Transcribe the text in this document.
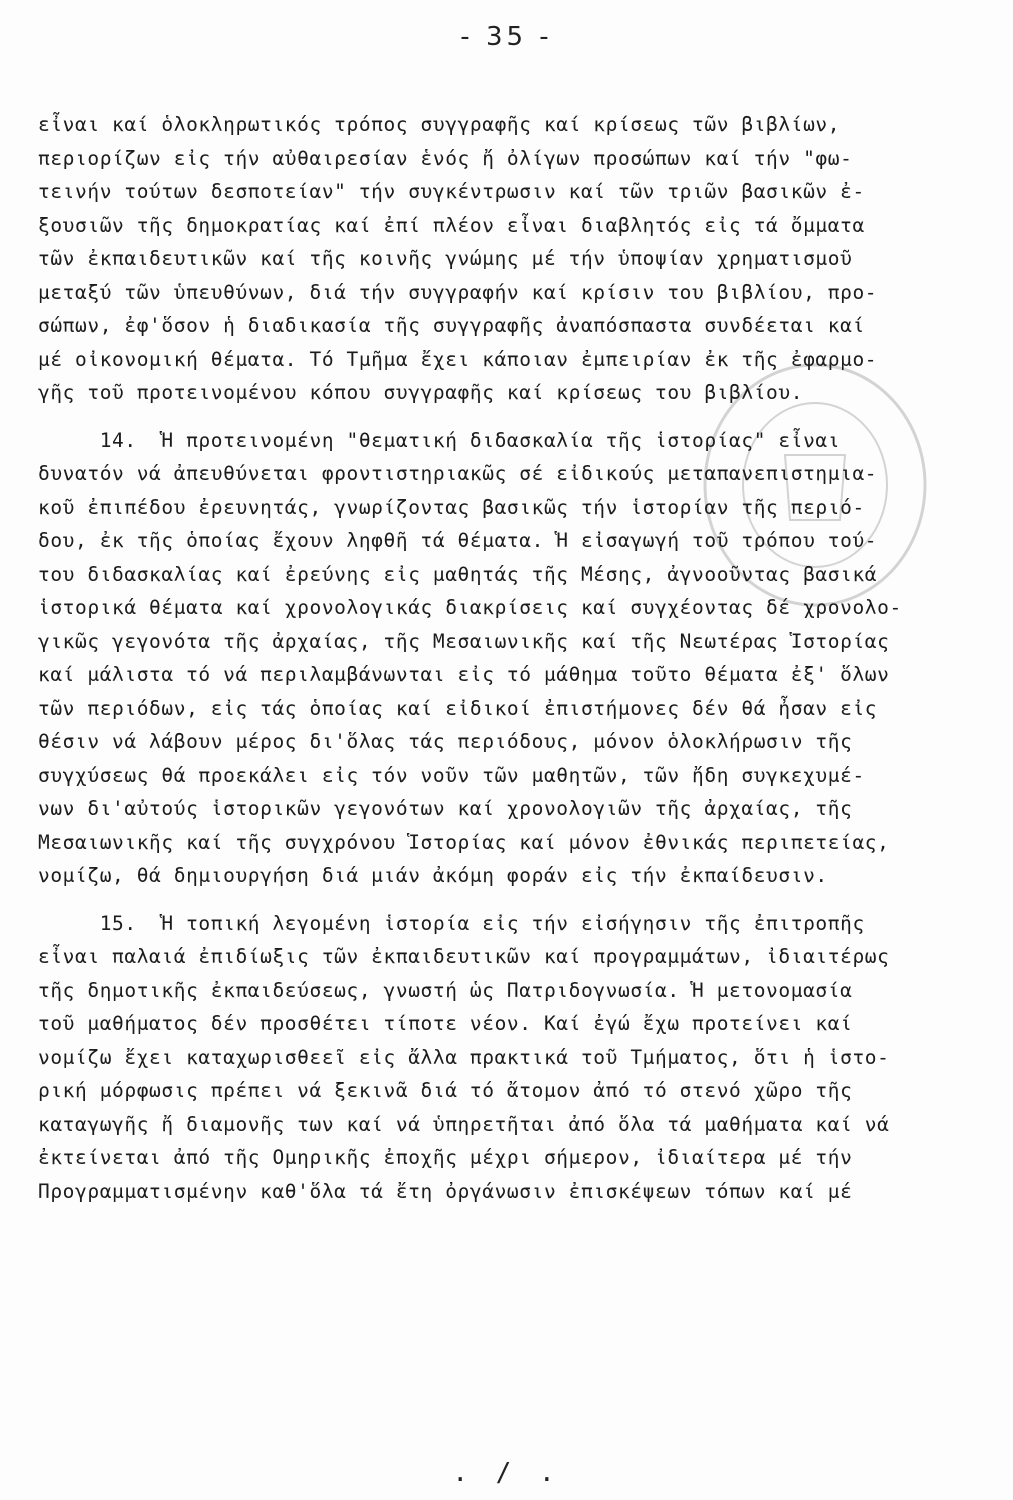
- 35 -
εἶναι καί ὁλοκληρωτικός τρόπος συγγραφῆς καί κρίσεως τῶν βιβλίων,
περιορίζων εἰς τήν αὐθαιρεσίαν ἑνός ἤ ὀλίγων προσώπων καί τήν "φω-
τεινήν τούτων δεσποτείαν" τήν συγκέντρωσιν καί τῶν τριῶν βασικῶν ἐ-
ξουσιῶν τῆς δημοκρατίας καί ἐπί πλέον εἶναι διαβλητός εἰς τά ὄμματα
τῶν ἐκπαιδευτικῶν καί τῆς κοινῆς γνώμης μέ τήν ὑποψίαν χρηματισμοῦ
μεταξύ τῶν ὑπευθύνων, διά τήν συγγραφήν καί κρίσιν του βιβλίου, προ-
σώπων, ἐφ'ὅσον ἡ διαδικασία τῆς συγγραφῆς ἀναπόσπαστα συνδέεται καί
μέ οἰκονομική θέματα. Τό Τμῆμα ἔχει κάποιαν ἐμπειρίαν ἐκ τῆς ἐφαρμο-
γῆς τοῦ προτεινομένου κόπου συγγραφῆς καί κρίσεως του βιβλίου.
14.  Ἡ προτεινομένη "θεματική διδασκαλία τῆς ἱστορίας" εἶναι
δυνατόν νά ἀπευθύνεται φροντιστηριακῶς σέ εἰδικούς μεταπανεπιστημια-
κοῦ ἐπιπέδου ἐρευνητάς, γνωρίζοντας βασικῶς τήν ἱστορίαν τῆς περιό-
δου, ἐκ τῆς ὁποίας ἔχουν ληφθῆ τά θέματα. Ἡ εἰσαγωγή τοῦ τρόπου τού-
του διδασκαλίας καί ἐρεύνης εἰς μαθητάς τῆς Μέσης, ἀγνοοῦντας βασικά
ἱστορικά θέματα καί χρονολογικάς διακρίσεις καί συγχέοντας δέ χρονολο-
γικῶς γεγονότα τῆς ἀρχαίας, τῆς Μεσαιωνικῆς καί τῆς Νεωτέρας Ἱστορίας
καί μάλιστα τό νά περιλαμβάνωνται εἰς τό μάθημα τοῦτο θέματα ἐξ' ὅλων
τῶν περιόδων, εἰς τάς ὁποίας καί εἰδικοί ἐπιστήμονες δέν θά ἦσαν εἰς
θέσιν νά λάβουν μέρος δι'ὅλας τάς περιόδους, μόνον ὁλοκλήρωσιν τῆς
συγχύσεως θά προεκάλει εἰς τόν νοῦν τῶν μαθητῶν, τῶν ἤδη συγκεχυμέ-
νων δι'αὐτούς ἱστορικῶν γεγονότων καί χρονολογιῶν τῆς ἀρχαίας, τῆς
Μεσαιωνικῆς καί τῆς συγχρόνου Ἱστορίας καί μόνον ἐθνικάς περιπετείας,
νομίζω, θά δημιουργήση διά μιάν ἀκόμη φοράν εἰς τήν ἐκπαίδευσιν.
15.  Ἡ τοπική λεγομένη ἱστορία εἰς τήν εἰσήγησιν τῆς ἐπιτροπῆς
εἶναι παλαιά ἐπιδίωξις τῶν ἐκπαιδευτικῶν καί προγραμμάτων, ἰδιαιτέρως
τῆς δημοτικῆς ἐκπαιδεύσεως, γνωστή ὡς Πατριδογνωσία. Ἡ μετονομασία
τοῦ μαθήματος δέν προσθέτει τίποτε νέον. Καί ἐγώ ἔχω προτείνει καί
νομίζω ἔχει καταχωρισθεεῖ εἰς ἄλλα πρακτικά τοῦ Τμήματος, ὅτι ἡ ἱστο-
ρική μόρφωσις πρέπει νά ξεκινᾶ διά τό ἄτομον ἀπό τό στενό χῶρο τῆς
καταγωγῆς ἤ διαμονῆς των καί νά ὑπηρετῆται ἀπό ὅλα τά μαθήματα καί νά
ἐκτείνεται ἀπό τῆς Ομηρικῆς ἐποχῆς μέχρι σήμερον, ἰδιαίτερα μέ τήν
Προγραμματισμένην καθ'ὅλα τά ἔτη ὀργάνωσιν ἐπισκέψεων τόπων καί μέ
. / .
